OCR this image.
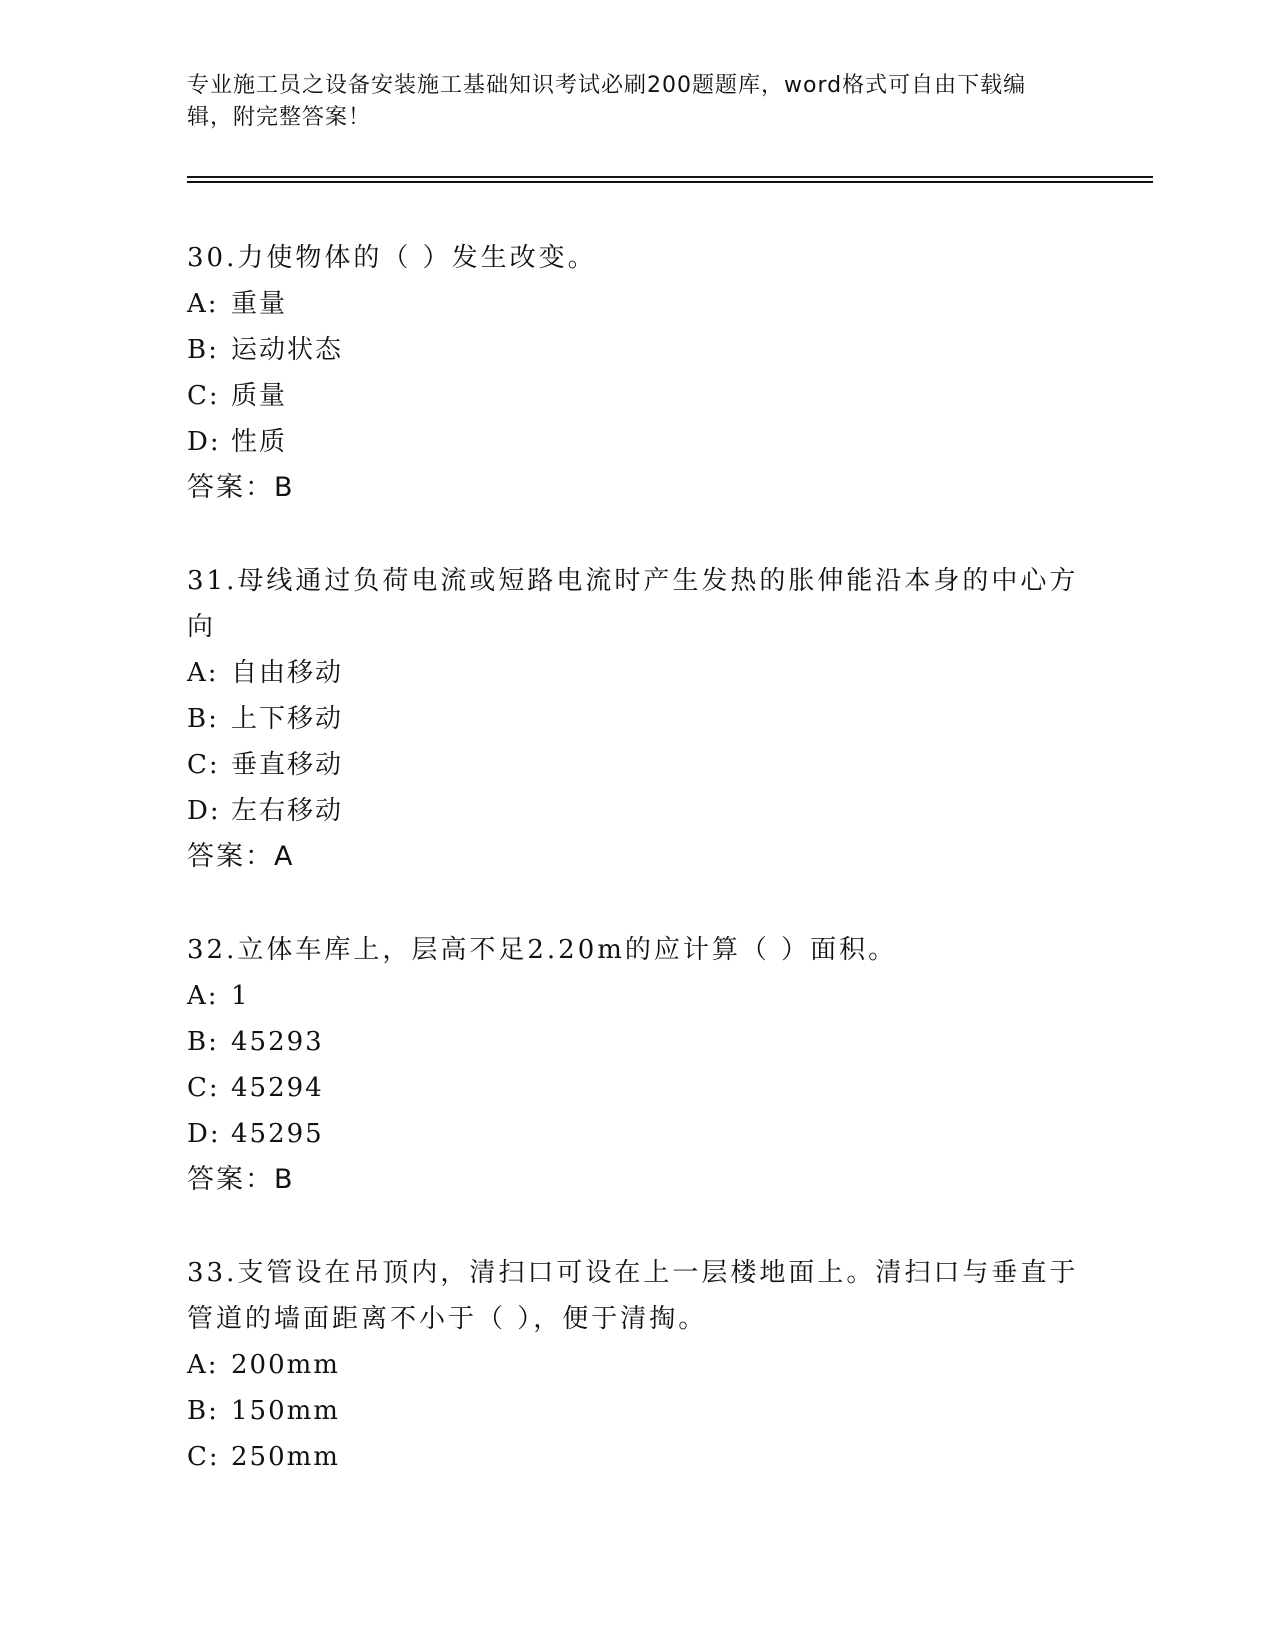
专业施工员之设备安装施工基础知识考试必刷200题题库，word格式可自由下载编辑，附完整答案！

30.力使物体的（ ）发生改变。

A: 重量

B: 运动状态

C: 质量

D: 性质

答案：B

31.母线通过负荷电流或短路电流时产生发热的胀伸能沿本身的中心方向

A: 自由移动

B: 上下移动

C: 垂直移动

D: 左右移动

答案：A

32.立体车库上，层高不足2.20m的应计算（ ）面积。

A: 1

B: 45293

C: 45294

D: 45295

答案：B

33.支管设在吊顶内，清扫口可设在上一层楼地面上。清扫口与垂直于管道的墙面距离不小于（ ），便于清掏。

A: 200mm

B: 150mm

C: 250mm
